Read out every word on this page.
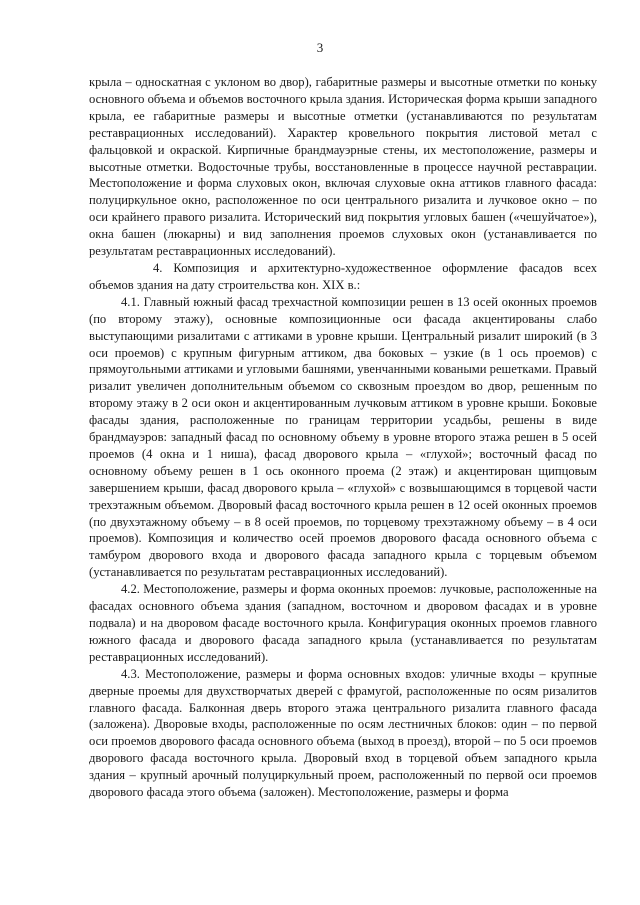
3

крыла – односкатная с уклоном во двор), габаритные размеры и высотные отметки по коньку основного объема и объемов восточного крыла здания. Историческая форма крыши западного крыла, ее габаритные размеры и высотные отметки (устанавливаются по результатам реставрационных исследований). Характер кровельного покрытия листовой метал с фальцовкой и окраской. Кирпичные брандмауэрные стены, их местоположение, размеры и высотные отметки. Водосточные трубы, восстановленные в процессе научной реставрации. Местоположение и форма слуховых окон, включая слуховые окна аттиков главного фасада: полуциркульное окно, расположенное по оси центрального ризалита и лучковое окно – по оси крайнего правого ризалита. Исторический вид покрытия угловых башен («чешуйчатое»), окна башен (люкарны) и вид заполнения проемов слуховых окон (устанавливается по результатам реставрационных исследований).

4. Композиция и архитектурно-художественное оформление фасадов всех объемов здания на дату строительства кон. XIX в.:

4.1. Главный южный фасад трехчастной композиции решен в 13 осей оконных проемов (по второму этажу), основные композиционные оси фасада акцентированы слабо выступающими ризалитами с аттиками в уровне крыши. Центральный ризалит широкий (в 3 оси проемов) с крупным фигурным аттиком, два боковых – узкие (в 1 ось проемов) с прямоугольными аттиками и угловыми башнями, увенчанными коваными решетками. Правый ризалит увеличен дополнительным объемом со сквозным проездом во двор, решенным по второму этажу в 2 оси окон и акцентированным лучковым аттиком в уровне крыши. Боковые фасады здания, расположенные по границам территории усадьбы, решены в виде брандмауэров: западный фасад по основному объему в уровне второго этажа решен в 5 осей проемов (4 окна и 1 ниша), фасад дворового крыла – «глухой»; восточный фасад по основному объему решен в 1 ось оконного проема (2 этаж) и акцентирован щипцовым завершением крыши, фасад дворового крыла – «глухой» с возвышающимся в торцевой части трехэтажным объемом. Дворовый фасад восточного крыла решен в 12 осей оконных проемов (по двухэтажному объему – в 8 осей проемов, по торцевому трехэтажному объему – в 4 оси проемов). Композиция и количество осей проемов дворового фасада основного объема с тамбуром дворового входа и дворового фасада западного крыла с торцевым объемом (устанавливается по результатам реставрационных исследований).

4.2. Местоположение, размеры и форма оконных проемов: лучковые, расположенные на фасадах основного объема здания (западном, восточном и дворовом фасадах и в уровне подвала) и на дворовом фасаде восточного крыла. Конфигурация оконных проемов главного южного фасада и дворового фасада западного крыла (устанавливается по результатам реставрационных исследований).

4.3. Местоположение, размеры и форма основных входов: уличные входы – крупные дверные проемы для двухстворчатых дверей с фрамугой, расположенные по осям ризалитов главного фасада. Балконная дверь второго этажа центрального ризалита главного фасада (заложена). Дворовые входы, расположенные по осям лестничных блоков: один – по первой оси проемов дворового фасада основного объема (выход в проезд), второй – по 5 оси проемов дворового фасада восточного крыла. Дворовый вход в торцевой объем западного крыла здания – крупный арочный полуциркульный проем, расположенный по первой оси проемов дворового фасада этого объема (заложен). Местоположение, размеры и форма
